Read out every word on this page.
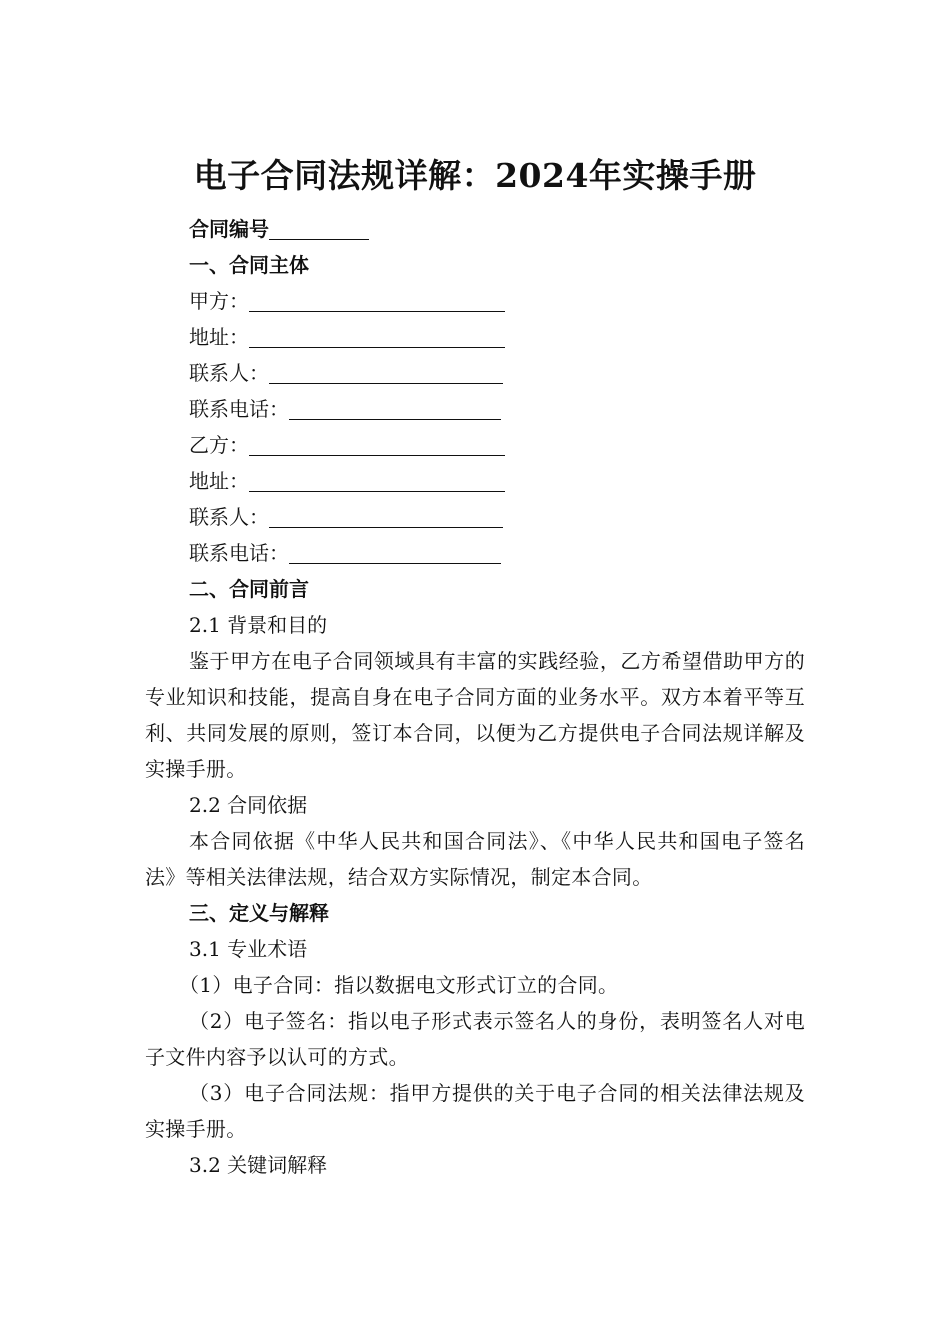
电子合同法规详解：2024年实操手册
合同编号
一、合同主体
甲方：
地址：
联系人：
联系电话：
乙方：
地址：
联系人：
联系电话：
二、合同前言
2.1 背景和目的
鉴于甲方在电子合同领域具有丰富的实践经验，乙方希望借助甲方的专业知识和技能，提高自身在电子合同方面的业务水平。双方本着平等互利、共同发展的原则，签订本合同，以便为乙方提供电子合同法规详解及实操手册。
2.2 合同依据
本合同依据《中华人民共和国合同法》、《中华人民共和国电子签名法》等相关法律法规，结合双方实际情况，制定本合同。
三、定义与解释
3.1 专业术语
（1）电子合同：指以数据电文形式订立的合同。
（2）电子签名：指以电子形式表示签名人的身份，表明签名人对电子文件内容予以认可的方式。
（3）电子合同法规：指甲方提供的关于电子合同的相关法律法规及实操手册。
3.2 关键词解释
